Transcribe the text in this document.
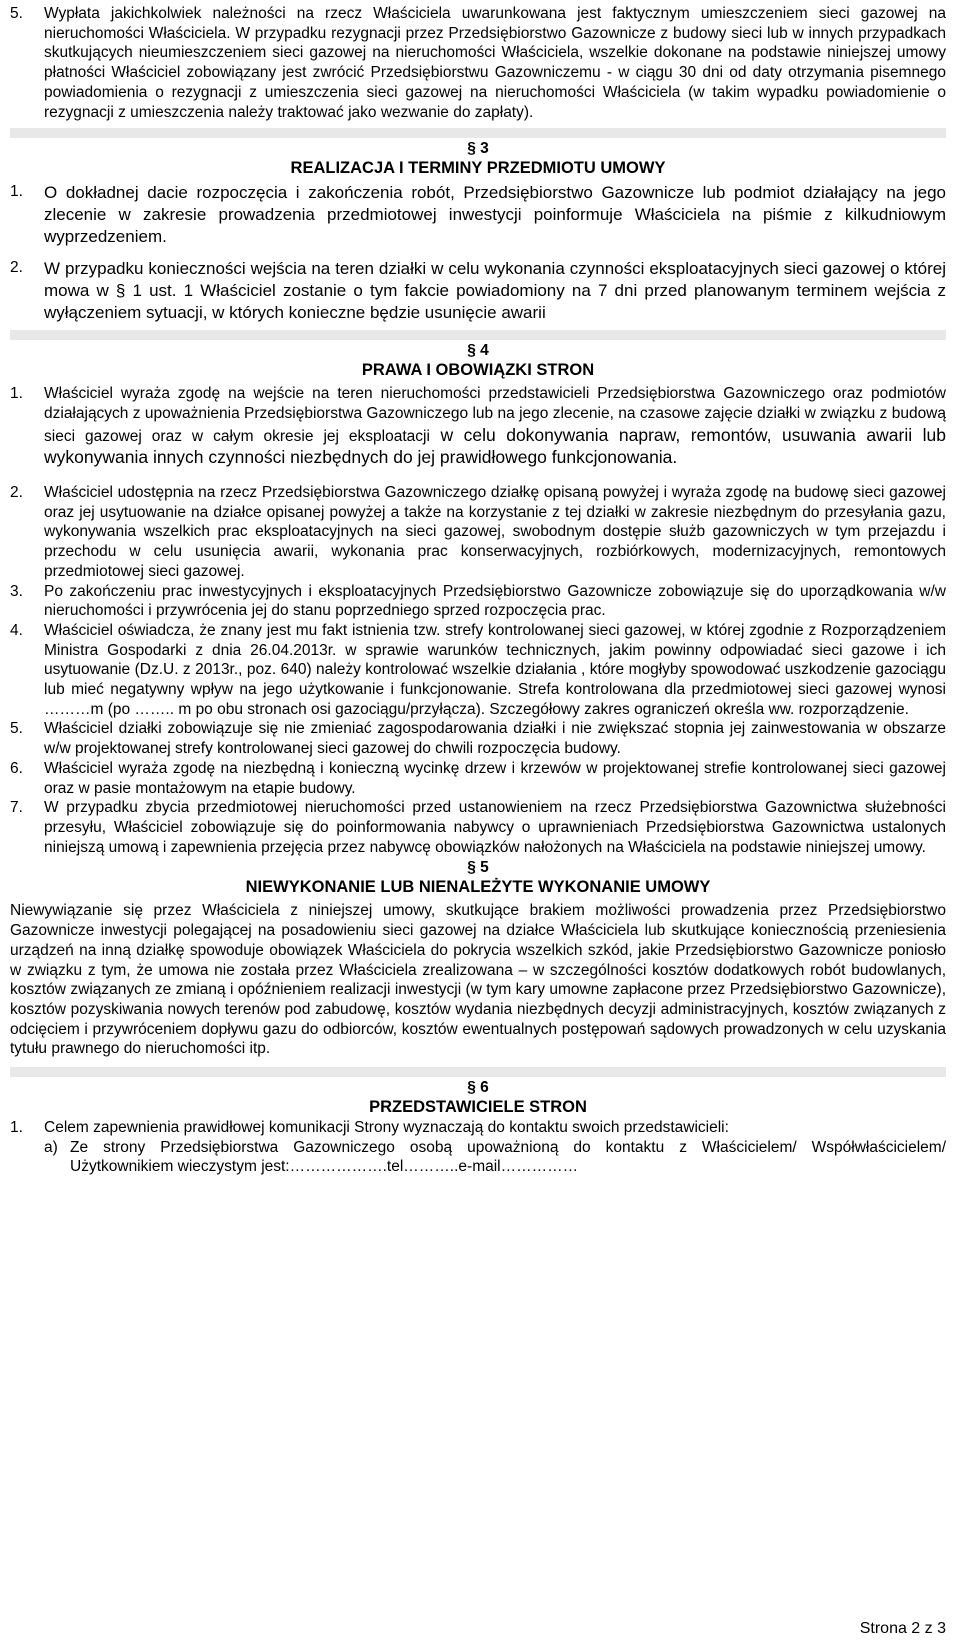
5.	Wypłata jakichkolwiek należności na rzecz Właściciela uwarunkowana jest faktycznym umieszczeniem sieci gazowej na nieruchomości Właściciela. W przypadku rezygnacji przez Przedsiębiorstwo Gazownicze z budowy sieci lub w innych przypadkach skutkujących nieumieszczeniem sieci gazowej na nieruchomości Właściciela, wszelkie dokonane na podstawie niniejszej umowy płatności Właściciel zobowiązany jest zwrócić Przedsiębiorstwu Gazowniczemu - w ciągu 30 dni od daty otrzymania pisemnego powiadomienia o rezygnacji z umieszczenia sieci gazowej na nieruchomości Właściciela (w takim wypadku powiadomienie o rezygnacji z umieszczenia należy traktować jako wezwanie do zapłaty).
§ 3
REALIZACJA I TERMINY PRZEDMIOTU UMOWY
1.	O dokładnej dacie rozpoczęcia i zakończenia robót, Przedsiębiorstwo Gazownicze lub podmiot działający na jego zlecenie w zakresie prowadzenia przedmiotowej inwestycji poinformuje Właściciela na piśmie z kilkudniowym wyprzedzeniem.
2.	W przypadku konieczności wejścia na teren działki w celu wykonania czynności eksploatacyjnych sieci gazowej o której mowa w § 1 ust. 1 Właściciel zostanie o tym fakcie powiadomiony na 7 dni przed planowanym terminem wejścia z wyłączeniem sytuacji, w których konieczne będzie usunięcie awarii
§ 4
PRAWA I OBOWIĄZKI STRON
1.	Właściciel wyraża zgodę na wejście na teren nieruchomości przedstawicieli Przedsiębiorstwa Gazowniczego oraz podmiotów działających z upoważnienia Przedsiębiorstwa Gazowniczego lub na jego zlecenie, na czasowe zajęcie działki w związku z budową sieci gazowej oraz w całym okresie jej eksploatacji w celu dokonywania napraw, remontów, usuwania awarii lub wykonywania innych czynności niezbędnych do jej prawidłowego funkcjonowania.
2.	Właściciel udostępnia na rzecz Przedsiębiorstwa Gazowniczego działkę opisaną powyżej i wyraża zgodę na budowę sieci gazowej oraz jej usytuowanie na działce opisanej powyżej a także na korzystanie z tej działki w zakresie niezbędnym do przesyłania gazu, wykonywania wszelkich prac eksploatacyjnych na sieci gazowej, swobodnym dostępie służb gazowniczych w tym przejazdu i przechodu w celu usunięcia awarii, wykonania prac konserwacyjnych, rozbiórkowych, modernizacyjnych, remontowych przedmiotowej sieci gazowej.
3.	Po zakończeniu prac inwestycyjnych i eksploatacyjnych Przedsiębiorstwo Gazownicze zobowiązuje się do uporządkowania w/w nieruchomości i przywrócenia jej do stanu poprzedniego sprzed rozpoczęcia prac.
4.	Właściciel oświadcza, że znany jest mu fakt istnienia tzw. strefy kontrolowanej sieci gazowej, w której zgodnie z Rozporządzeniem Ministra Gospodarki z dnia 26.04.2013r. w sprawie warunków technicznych, jakim powinny odpowiadać sieci gazowe i ich usytuowanie (Dz.U. z 2013r., poz. 640) należy kontrolować wszelkie działania , które mogłyby spowodować uszkodzenie gazociągu lub mieć negatywny wpływ na jego użytkowanie i funkcjonowanie. Strefa kontrolowana dla przedmiotowej sieci gazowej wynosi ………m (po …….. m po obu stronach osi gazociągu/przyłącza). Szczegółowy zakres ograniczeń określa ww. rozporządzenie.
5.	Właściciel działki zobowiązuje się nie zmieniać zagospodarowania działki i nie zwiększać stopnia jej zainwestowania w obszarze w/w projektowanej strefy kontrolowanej sieci gazowej do chwili rozpoczęcia budowy.
6.	Właściciel wyraża zgodę na niezbędną i konieczną wycinkę drzew i krzewów w projektowanej strefie kontrolowanej sieci gazowej oraz w pasie montażowym na etapie budowy.
7.	W przypadku zbycia przedmiotowej nieruchomości przed ustanowieniem na rzecz Przedsiębiorstwa Gazownictwa służebności przesyłu, Właściciel zobowiązuje się do poinformowania nabywcy o uprawnieniach Przedsiębiorstwa Gazownictwa ustalonych niniejszą umową i zapewnienia przejęcia przez nabywcę obowiązków nałożonych na Właściciela na podstawie niniejszej umowy.
§ 5
NIEWYKONANIE LUB NIENALEŻYTE WYKONANIE UMOWY
Niewywiązanie się przez Właściciela z niniejszej umowy, skutkujące brakiem możliwości prowadzenia przez Przedsiębiorstwo Gazownicze inwestycji polegającej na posadowieniu sieci gazowej na działce Właściciela lub skutkujące koniecznością przeniesienia urządzeń na inną działkę spowoduje obowiązek Właściciela do pokrycia wszelkich szkód, jakie Przedsiębiorstwo Gazownicze poniosło w związku z tym, że umowa nie została przez Właściciela zrealizowana – w szczególności kosztów dodatkowych robót budowlanych, kosztów związanych ze zmianą i opóźnieniem realizacji inwestycji (w tym kary umowne zapłacone przez Przedsiębiorstwo Gazownicze), kosztów pozyskiwania nowych terenów pod zabudowę, kosztów wydania niezbędnych decyzji administracyjnych, kosztów związanych z odcięciem i przywróceniem dopływu gazu do odbiorców, kosztów ewentualnych postępowań sądowych prowadzonych w celu uzyskania tytułu prawnego do nieruchomości itp.
§ 6
PRZEDSTAWICIELE STRON
1.	Celem zapewnienia prawidłowej komunikacji Strony wyznaczają do kontaktu swoich przedstawicieli:
a) Ze strony Przedsiębiorstwa Gazowniczego osobą upoważnioną do kontaktu z Właścicielem/ Współwłaścicielem/ Użytkownikiem wieczystym jest:……………….tel………..e-mail……………
Strona 2 z 3
